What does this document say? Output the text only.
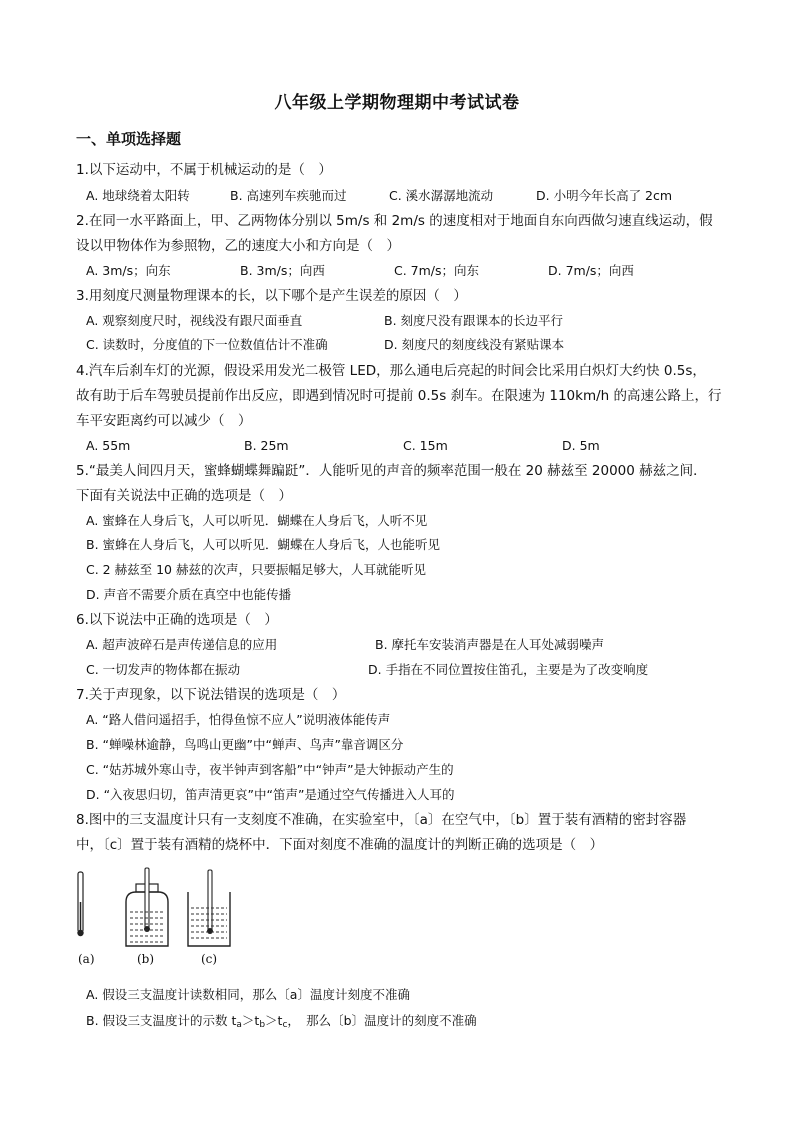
八年级上学期物理期中考试试卷
一、单项选择题
1.以下运动中，不属于机械运动的是（　）
A. 地球绕着太阳转	B. 高速列车疾驰而过	C. 溪水潺潺地流动	D. 小明今年长高了 2cm
2.在同一水平路面上，甲、乙两物体分别以 5m/s 和 2m/s 的速度相对于地面自东向西做匀速直线运动，假
设以甲物体作为参照物，乙的速度大小和方向是（　）
A. 3m/s；向东	B. 3m/s；向西	C. 7m/s；向东	D. 7m/s；向西
3.用刻度尺测量物理课本的长，以下哪个是产生误差的原因（　）
A. 观察刻度尺时，视线没有跟尺面垂直	B. 刻度尺没有跟课本的长边平行
C. 读数时，分度值的下一位数值估计不准确	D. 刻度尺的刻度线没有紧贴课本
4.汽车后刹车灯的光源，假设采用发光二极管 LED，那么通电后亮起的时间会比采用白炽灯大约快 0.5s，
故有助于后车驾驶员提前作出反应，即遇到情况时可提前 0.5s 刹车。在限速为 110km/h 的高速公路上，行
车平安距离约可以减少（　）
A. 55m	B. 25m	C. 15m	D. 5m
5.“最美人间四月天，蜜蜂蝴蝶舞蹁跹”．人能听见的声音的频率范围一般在 20 赫兹至 20000 赫兹之间．
下面有关说法中正确的选项是（　）
A. 蜜蜂在人身后飞，人可以听见．蝴蝶在人身后飞，人听不见
B. 蜜蜂在人身后飞，人可以听见．蝴蝶在人身后飞，人也能听见
C. 2 赫兹至 10 赫兹的次声，只要振幅足够大，人耳就能听见
D. 声音不需要介质在真空中也能传播
6.以下说法中正确的选项是（　）
A. 超声波碎石是声传递信息的应用	B. 摩托车安装消声器是在人耳处减弱噪声
C. 一切发声的物体都在振动	D. 手指在不同位置按住笛孔，主要是为了改变响度
7.关于声现象，以下说法错误的选项是（　）
A. “路人借问遥招手，怕得鱼惊不应人”说明液体能传声
B. “蝉噪林逾静，鸟鸣山更幽”中“蝉声、鸟声”靠音调区分
C. “姑苏城外寒山寺，夜半钟声到客船”中“钟声”是大钟振动产生的
D. “入夜思归切，笛声清更哀”中“笛声”是通过空气传播进入人耳的
8.图中的三支温度计只有一支刻度不准确，在实验室中，〔a〕在空气中，〔b〕置于装有酒精的密封容器
中，〔c〕置于装有酒精的烧杯中．下面对刻度不准确的温度计的判断正确的选项是（　）
(a)	(b)	(c)
A. 假设三支温度计读数相同，那么〔a〕温度计刻度不准确
B. 假设三支温度计的示数 $t_a>t_b>t_c$，　那么〔b〕温度计的刻度不准确
